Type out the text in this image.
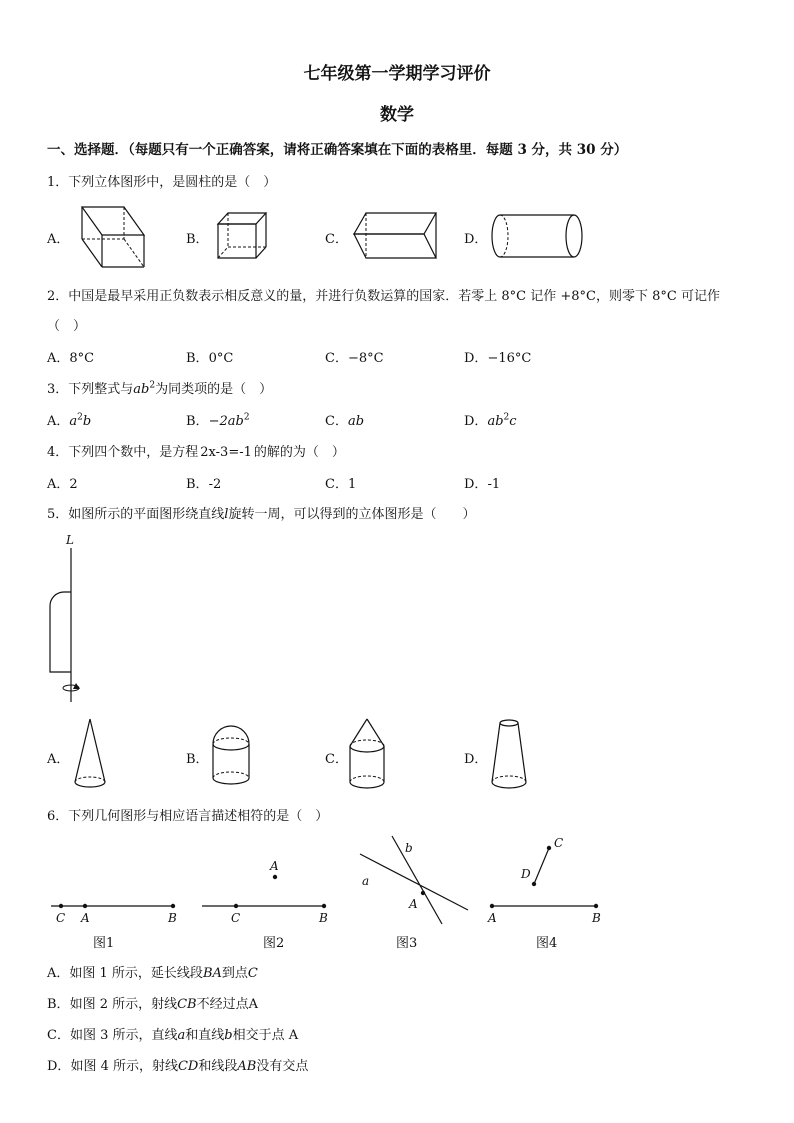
七年级第一学期学习评价
数学
一、选择题．（每题只有一个正确答案，请将正确答案填在下面的表格里．每题 3 分，共 30 分）
1．下列立体图形中，是圆柱的是（　）
A．	B．	C．	D．
2．中国是最早采用正负数表示相反意义的量，并进行负数运算的国家．若零上 8°C 记作 +8°C，则零下 8°C 可记作
（　）
A．8°C	B．0°C	C．−8°C	D．−16°C
3．下列整式与$ab^2$为同类项的是（　）
A．$a^2b$	B．$-2ab^2$	C．ab	D．$ab^2c$
4．下列四个数中，是方程 2x-3=-1 的解的为（　）
A．2	B．-2	C．1	D．-1
5．如图所示的平面图形绕直线l旋转一周，可以得到的立体图形是（　　）
L
A．	B．	C．	D．
6．下列几何图形与相应语言描述相符的是（　）
C A	B
图1
A
C	B
图2
b
a
A
图3
C
D
A	B
图4
A．如图 1 所示，延长线段BA到点C
B．如图 2 所示，射线CB不经过点A
C．如图 3 所示，直线a和直线b相交于点 A
D．如图 4 所示，射线CD和线段AB没有交点
